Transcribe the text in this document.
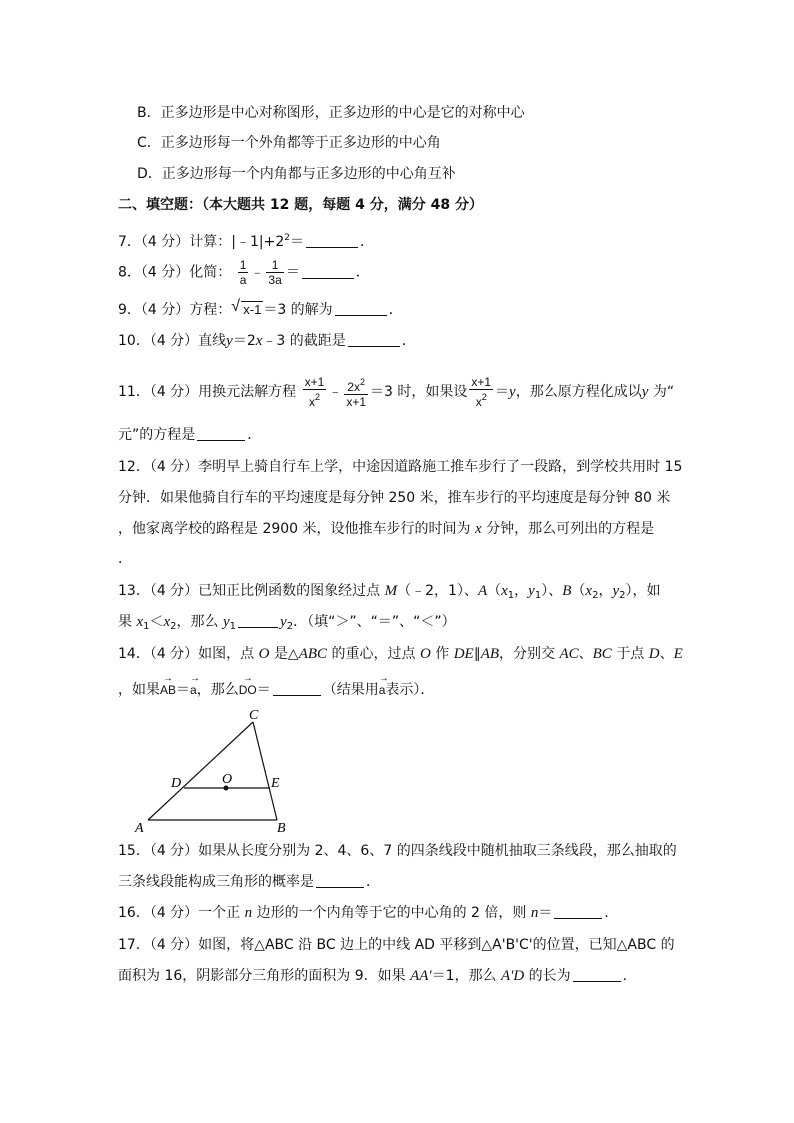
B．正多边形是中心对称图形，正多边形的中心是它的对称中心
C．正多边形每一个外角都等于正多边形的中心角
D．正多边形每一个内角都与正多边形的中心角互补
二、填空题：（本大题共 12 题，每题 4 分，满分 48 分）
7．（4 分）计算：$|﹣1|+2^2=$	．
8．（4 分）化简： $\frac{1}{a}$ ﹣ $\frac{1}{3a}$ ＝	．
9．（4 分）方程： √ x-1 ＝3 的解为	．
10．（4 分）直线y＝2x﹣3 的截距是	．
11．（4 分）用换元法解方程 $\frac{x+1}{x^2}$ ﹣ $\frac{2x^2}{x+1} =3$ 时，如果设 $\frac{x+1}{x^2} =y$，那么原方程化成以y 为“
元”的方程是	．
12．（4 分）李明早上骑自行车上学，中途因道路施工推车步行了一段路，到学校共用时 15
分钟．如果他骑自行车的平均速度是每分钟 250 米，推车步行的平均速度是每分钟 80 米
，他家离学校的路程是 2900 米，设他推车步行的时间为 x 分钟，那么可列出的方程是
．
13．（4 分）已知正比例函数的图象经过点 M（﹣2，1）、$A(x_1$，$y_1$）、$B(x_2$，$y_2$），如
果 $x_1<x_2$，那么 $y_1$	$y_2$．（填“＞”、“＝”、“＜”）
14．（4 分）如图，点 O 是△ABC 的重心，过点 O 作 DE∥AB，分别交 AC、BC 于点 D、E
，如果→ AB＝→ a，那么→ DO＝	（结果用→ a表示）．
A	B
C
D	E
O
15．（4 分）如果从长度分别为 2、4、6、7 的四条线段中随机抽取三条线段，那么抽取的
三条线段能构成三角形的概率是	．
16．（4 分）一个正 n 边形的一个内角等于它的中心角的 2 倍，则 n＝	．
17．（4 分）如图，将△ABC 沿 BC 边上的中线 AD 平移到△A'B'C'的位置，已知△ABC 的
面积为 16，阴影部分三角形的面积为 9．如果 AA'＝1，那么 A'D 的长为	．
